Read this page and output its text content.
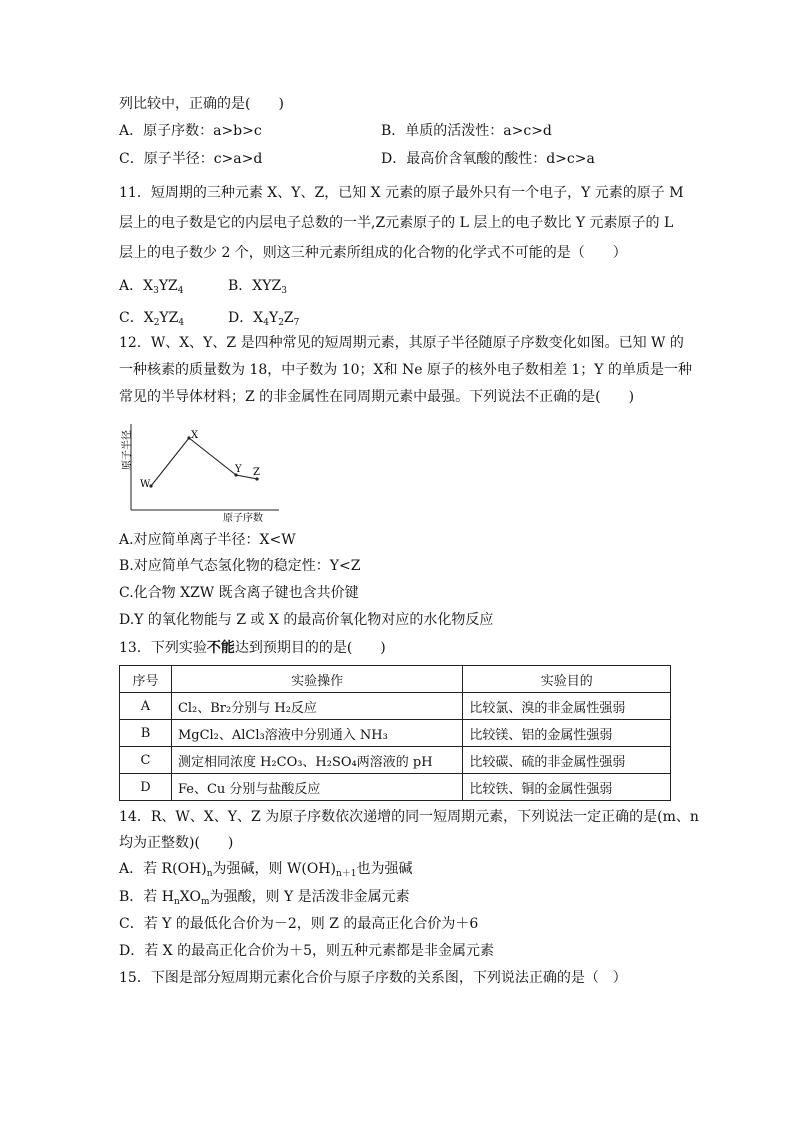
列比较中，正确的是(　　)
A．原子序数：a>b>c	B．单质的活泼性：a>c>d
C．原子半径：c>a>d	D．最高价含氧酸的酸性：d>c>a
11．短周期的三种元素 X、Y、Z，已知 X 元素的原子最外只有一个电子，Y 元素的原子 M
层上的电子数是它的内层电子总数的一半,Z元素原子的 L 层上的电子数比 Y 元素原子的 L
层上的电子数少 2 个，则这三种元素所组成的化合物的化学式不可能的是（　　）
A．$X_3YZ_4$	B．$XYZ_3$
C．$X_2YZ_4$	D．$X_4Y_2Z_7$
12．W、X、Y、Z 是四种常见的短周期元素，其原子半径随原子序数变化如图。已知 W 的
一种核素的质量数为 18，中子数为 10；X和 Ne 原子的核外电子数相差 1；Y 的单质是一种
常见的半导体材料；Z 的非金属性在同周期元素中最强。下列说法不正确的是(　　)
W
X
Y Z
原子序数
原子半径
A.对应简单离子半径：X<W
B.对应简单气态氢化物的稳定性：Y<Z
C.化合物 XZW 既含离子键也含共价键
D.Y 的氧化物能与 Z 或 X 的最高价氧化物对应的水化物反应
13．下列实验不能达到预期目的的是(　　)
序号	实验操作	实验目的
A	Cl₂、Br₂分别与 H₂反应	比较氯、溴的非金属性强弱
B	MgCl₂、AlCl₃溶液中分别通入 NH₃	比较镁、铝的金属性强弱
C	测定相同浓度 H₂CO₃、H₂SO₄两溶液的 pH	比较碳、硫的非金属性强弱
D	Fe、Cu 分别与盐酸反应	比较铁、铜的金属性强弱
14．R、W、X、Y、Z 为原子序数依次递增的同一短周期元素，下列说法一定正确的是(m、n
均为正整数)(　　)
A．若 $R(OH)_n$为强碱，则 $W(OH)_{n+1}$也为强碱
B．若 $H_nXO_m$为强酸，则 Y 是活泼非金属元素
C．若 Y 的最低化合价为－2，则 Z 的最高正化合价为＋6
D．若 X 的最高正化合价为＋5，则五种元素都是非金属元素
15．下图是部分短周期元素化合价与原子序数的关系图，下列说法正确的是（　）
